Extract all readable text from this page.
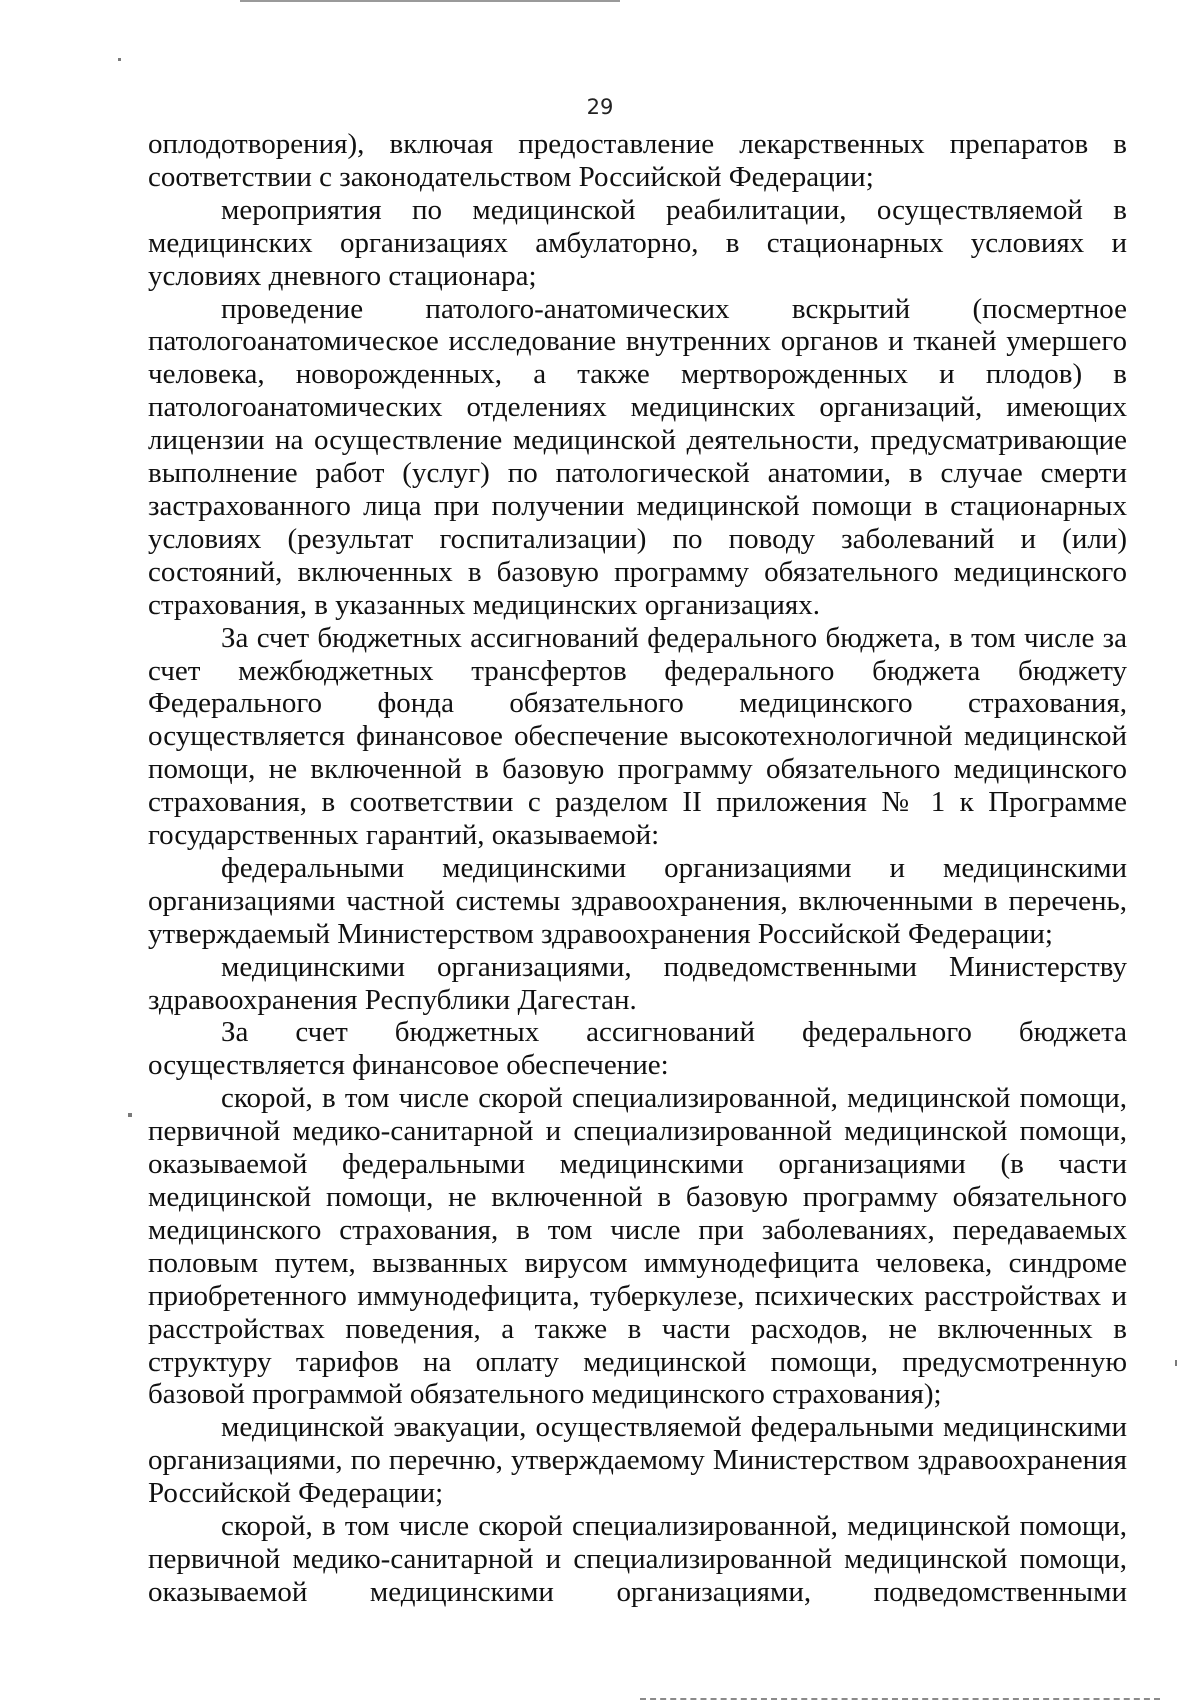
29

оплодотворения), включая предоставление лекарственных препаратов в соответствии с законодательством Российской Федерации;

мероприятия по медицинской реабилитации, осуществляемой в медицинских организациях амбулаторно, в стационарных условиях и условиях дневного стационара;

проведение патолого-анатомических вскрытий (посмертное патологоанатомическое исследование внутренних органов и тканей умершего человека, новорожденных, а также мертворожденных и плодов) в патологоанатомических отделениях медицинских организаций, имеющих лицензии на осуществление медицинской деятельности, предусматривающие выполнение работ (услуг) по патологической анатомии, в случае смерти застрахованного лица при получении медицинской помощи в стационарных условиях (результат госпитализации) по поводу заболеваний и (или) состояний, включенных в базовую программу обязательного медицинского страхования, в указанных медицинских организациях.

За счет бюджетных ассигнований федерального бюджета, в том числе за счет межбюджетных трансфертов федерального бюджета бюджету Федерального фонда обязательного медицинского страхования, осуществляется финансовое обеспечение высокотехнологичной медицинской помощи, не включенной в базовую программу обязательного медицинского страхования, в соответствии с разделом II приложения № 1 к Программе государственных гарантий, оказываемой:

федеральными медицинскими организациями и медицинскими организациями частной системы здравоохранения, включенными в перечень, утверждаемый Министерством здравоохранения Российской Федерации;

медицинскими организациями, подведомственными Министерству здравоохранения Республики Дагестан.

За счет бюджетных ассигнований федерального бюджета осуществляется финансовое обеспечение:

скорой, в том числе скорой специализированной, медицинской помощи, первичной медико-санитарной и специализированной медицинской помощи, оказываемой федеральными медицинскими организациями (в части медицинской помощи, не включенной в базовую программу обязательного медицинского страхования, в том числе при заболеваниях, передаваемых половым путем, вызванных вирусом иммунодефицита человека, синдроме приобретенного иммунодефицита, туберкулезе, психических расстройствах и расстройствах поведения, а также в части расходов, не включенных в структуру тарифов на оплату медицинской помощи, предусмотренную базовой программой обязательного медицинского страхования);

медицинской эвакуации, осуществляемой федеральными медицинскими организациями, по перечню, утверждаемому Министерством здравоохранения Российской Федерации;

скорой, в том числе скорой специализированной, медицинской помощи, первичной медико-санитарной и специализированной медицинской помощи, оказываемой медицинскими организациями, подведомственными
